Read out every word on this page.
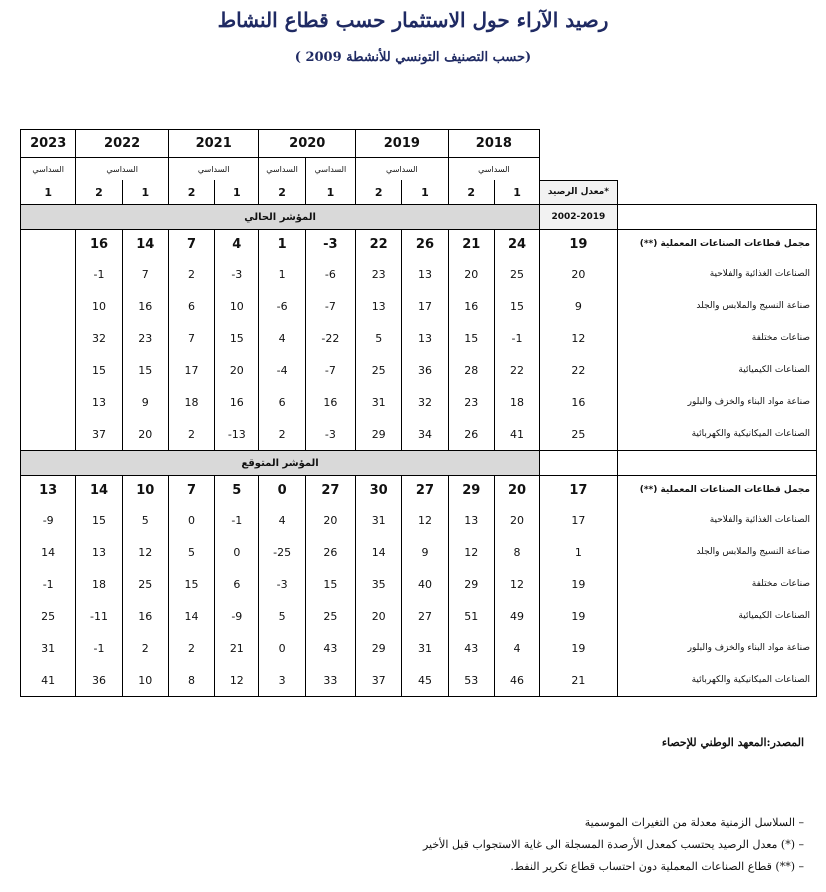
رصيد الآراء حول الاستثمار حسب قطاع النشاط
(حسب التصنيف التونسي للأنشطة 2009 )
2023	2022		2021		2020		2019		2018			
السداسي	السداسي		السداسي		السداسي	السداسي	السداسي		السداسي			
1	2	1	2	1	2	1	2	1	2	1	معدل الرصيد*	
المؤشر الحالي											2002-2019	
	16	14	7	4	1	-3	22	26	21	24	19	مجمل قطاعات الصناعات المعملية (**)
	-1	7	2	-3	1	-6	23	13	20	25	20	الصناعات الغذائية والفلاحية
	10	16	6	10	-6	-7	13	17	16	15	9	صناعة النسيج والملابس والجلد
	32	23	7	15	4	-22	5	13	15	-1	12	صناعات مختلفة
	15	15	17	20	-4	-7	25	36	28	22	22	الصناعات الكيميائية
	13	9	18	16	6	16	31	32	23	18	16	صناعة مواد البناء والخزف والبلور
	37	20	2	-13	2	-3	29	34	26	41	25	الصناعات الميكانيكية والكهربائية
المؤشر المتوقع												
13	14	10	7	5	0	27	30	27	29	20	17	مجمل قطاعات الصناعات المعملية (**)
-9	15	5	0	-1	4	20	31	12	13	20	17	الصناعات الغذائية والفلاحية
14	13	12	5	0	-25	26	14	9	12	8	1	صناعة النسيج والملابس والجلد
-1	18	25	15	6	-3	15	35	40	29	12	19	صناعات مختلفة
25	-11	16	14	-9	5	25	20	27	51	49	19	الصناعات الكيميائية
31	-1	2	2	21	0	43	29	31	43	4	19	صناعة مواد البناء والخزف والبلور
41	36	10	8	12	3	33	37	45	53	46	21	الصناعات الميكانيكية والكهربائية
المصدر:المعهد الوطني للإحصاء
– السلاسل الزمنية معدلة من التغيرات الموسمية
– (*) معدل الرصيد يحتسب كمعدل الأرصدة المسجلة الى غاية الاستجواب قبل الأخير
– (**) قطاع الصناعات المعملية دون احتساب قطاع تكرير النفط.
